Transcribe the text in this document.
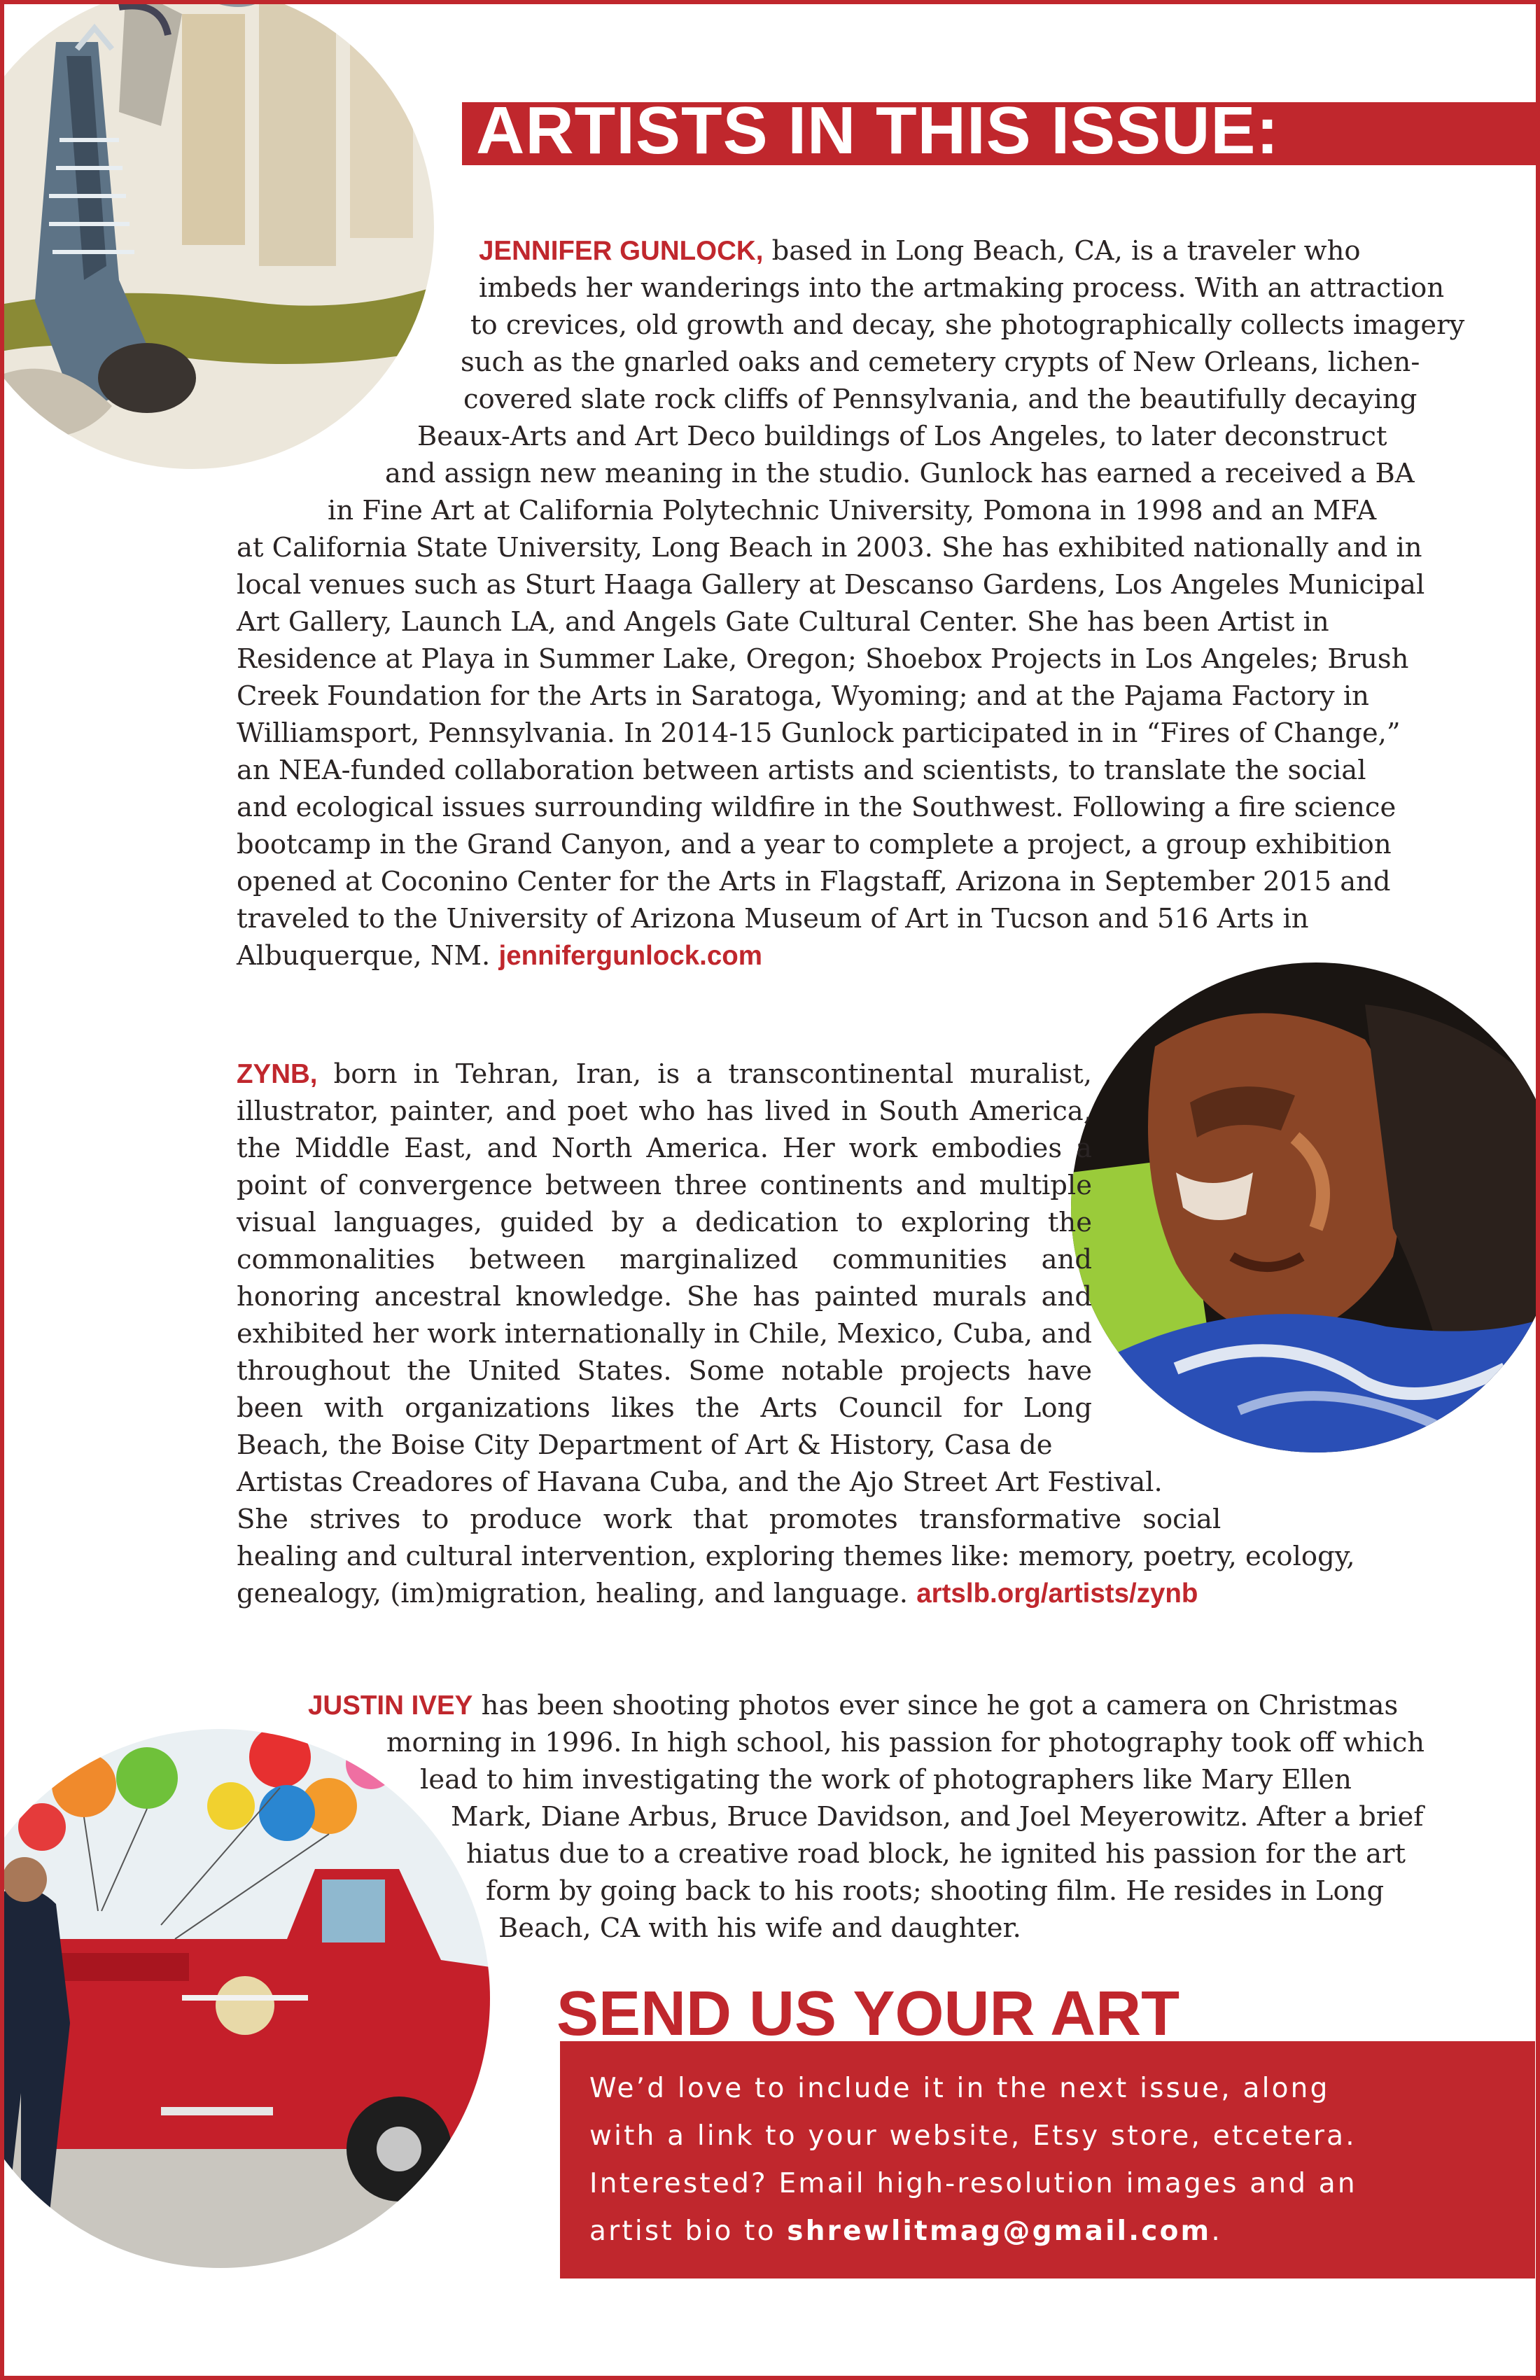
ARTISTS IN THIS ISSUE:
JENNIFER GUNLOCK, based in Long Beach, CA, is a traveler who
imbeds her wanderings into the artmaking process. With an attraction
to crevices, old growth and decay, she photographically collects imagery
such as the gnarled oaks and cemetery crypts of New Orleans, lichen-
covered slate rock cliffs of Pennsylvania, and the beautifully decaying
Beaux-Arts and Art Deco buildings of Los Angeles, to later deconstruct
and assign new meaning in the studio. Gunlock has earned a received a BA
in Fine Art at California Polytechnic University, Pomona in 1998 and an MFA
at California State University, Long Beach in 2003. She has exhibited nationally and in
local venues such as Sturt Haaga Gallery at Descanso Gardens, Los Angeles Municipal
Art Gallery, Launch LA, and Angels Gate Cultural Center. She has been Artist in
Residence at Playa in Summer Lake, Oregon; Shoebox Projects in Los Angeles; Brush
Creek Foundation for the Arts in Saratoga, Wyoming; and at the Pajama Factory in
Williamsport, Pennsylvania. In 2014-15 Gunlock participated in in “Fires of Change,”
an NEA-funded collaboration between artists and scientists, to translate the social
and ecological issues surrounding wildfire in the Southwest. Following a fire science
bootcamp in the Grand Canyon, and a year to complete a project, a group exhibition
opened at Coconino Center for the Arts in Flagstaff, Arizona in September 2015 and
traveled to the University of Arizona Museum of Art in Tucson and 516 Arts in
Albuquerque, NM. jennifergunlock.com
ZYNB, born in Tehran, Iran, is a transcontinental muralist, illustrator, painter, and poet who has lived in South America, the Middle East, and North America. Her work embodies a point of convergence between three continents and multiple visual languages, guided by a dedication to exploring the commonalities between marginalized communities and honoring ancestral knowledge. She has painted murals and exhibited her work internationally in Chile, Mexico, Cuba, and throughout the United States. Some notable projects have been with organizations likes the Arts Council for Long Beach, the Boise City Department of Art & History, Casa de
Artistas Creadores of Havana Cuba, and the Ajo Street Art Festival.
She strives to produce work that promotes transformative social
healing and cultural intervention, exploring themes like: memory, poetry, ecology,
genealogy, (im)migration, healing, and language. artslb.org/artists/zynb
JUSTIN IVEY has been shooting photos ever since he got a camera on Christmas
morning in 1996. In high school, his passion for photography took off which
lead to him investigating the work of photographers like Mary Ellen
Mark, Diane Arbus, Bruce Davidson, and Joel Meyerowitz. After a brief
hiatus due to a creative road block, he ignited his passion for the art
form by going back to his roots; shooting film. He resides in Long
Beach, CA with his wife and daughter.
SEND US YOUR ART

We’d love to include it in the next issue, along
with a link to your website, Etsy store, etcetera.
Interested? Email high-resolution images and an
artist bio to shrewlitmag@gmail.com.
